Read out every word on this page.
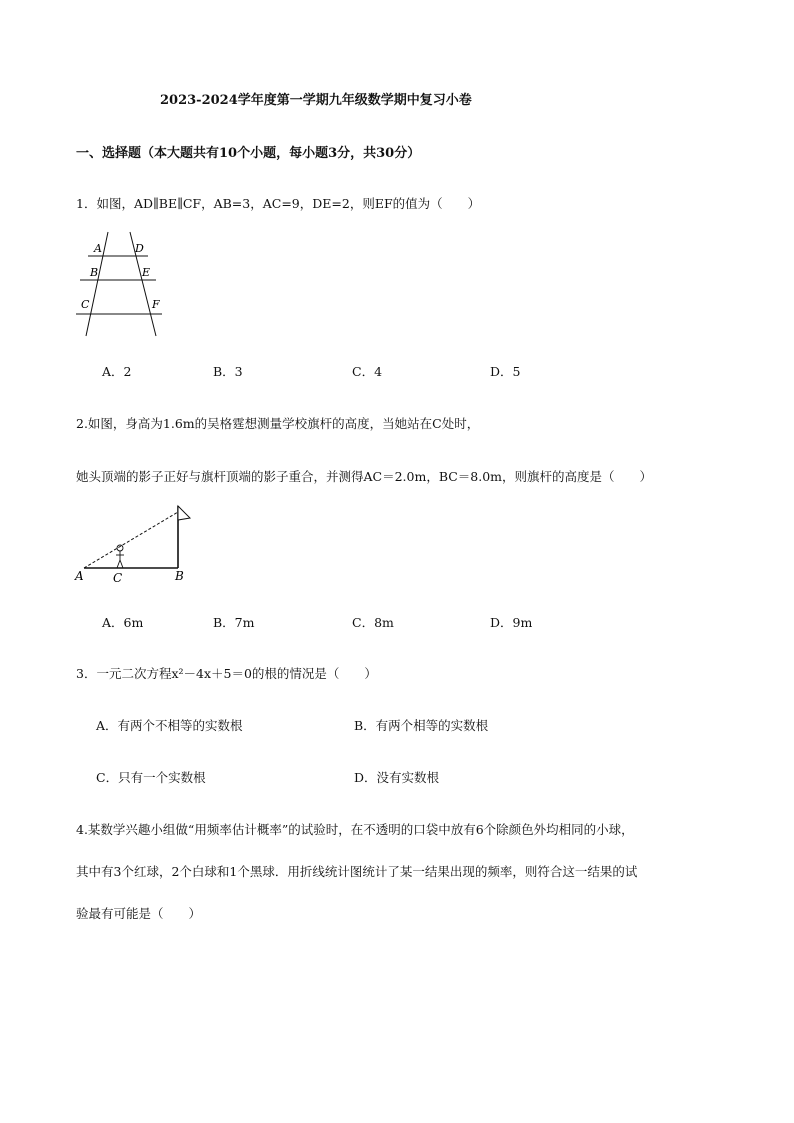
2023-2024学年度第一学期九年级数学期中复习小卷
一、选择题（本大题共有10个小题，每小题3分，共30分）
1．如图，AD∥BE∥CF，AB=3，AC=9，DE=2，则EF的值为（　　）
A	D
B	E
C	F
A．2	B．3	C．4	D．5
2.如图，身高为1.6m的吴格霆想测量学校旗杆的高度，当她站在C处时，
她头顶端的影子正好与旗杆顶端的影子重合，并测得AC＝2.0m，BC＝8.0m，则旗杆的高度是（　　）
A C	B
A．6m	B．7m	C．8m	D．9m
3．一元二次方程x²－4x＋5＝0的根的情况是（　　）
A．有两个不相等的实数根	B．有两个相等的实数根
C．只有一个实数根	D．没有实数根
4.某数学兴趣小组做“用频率估计概率”的试验时，在不透明的口袋中放有6个除颜色外均相同的小球，
其中有3个红球，2个白球和1个黑球．用折线统计图统计了某一结果出现的频率，则符合这一结果的试
验最有可能是（　　）
